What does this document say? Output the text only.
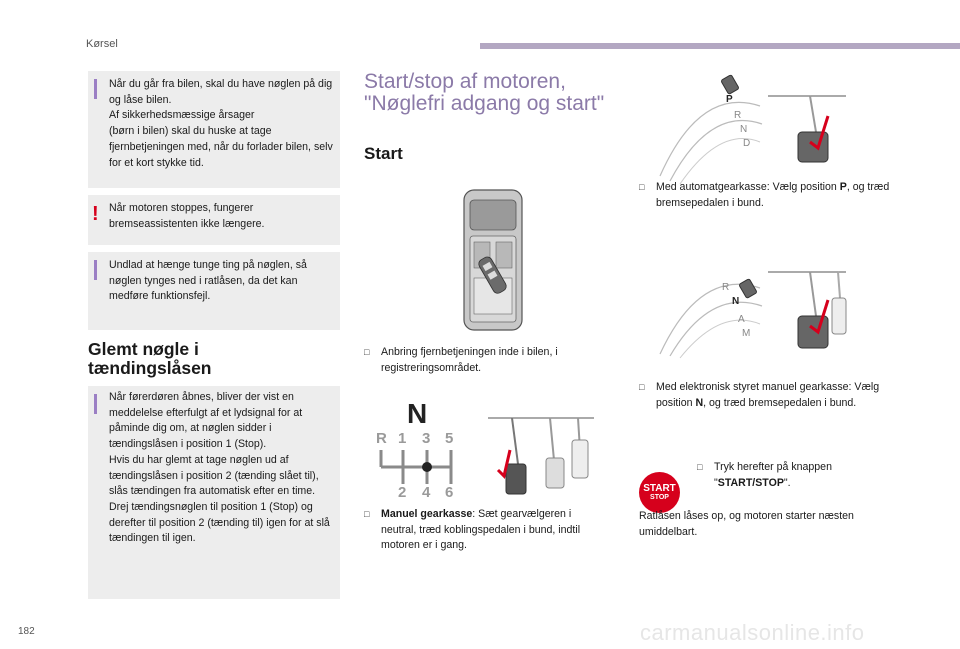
Kørsel
Når du går fra bilen, skal du have nøglen på dig og låse bilen.
Af sikkerhedsmæssige årsager
(børn i bilen) skal du huske at tage fjernbetjeningen med, når du forlader bilen, selv for et kort stykke tid.
! Når motoren stoppes, fungerer bremseassistenten ikke længere.
Undlad at hænge tunge ting på nøglen, så nøglen tynges ned i ratlåsen, da det kan medføre funktionsfejl.
Glemt nøgle i tændingslåsen
Når førerdøren åbnes, bliver der vist en meddelelse efterfulgt af et lydsignal for at påminde dig om, at nøglen sidder i tændingslåsen i position 1 (Stop).
Hvis du har glemt at tage nøglen ud af tændingslåsen i position 2 (tænding slået til), slås tændingen fra automatisk efter en time.
Drej tændingsnøglen til position 1 (Stop) og derefter til position 2 (tænding til) igen for at slå tændingen til igen.
Start/stop af motoren, "Nøglefri adgang og start"
Start
N
R 1 3 5
2 4 6
□	Anbring fjernbetjeningen inde i bilen, i registreringsområdet.
□	Manuel gearkasse: Sæt gearvælgeren i neutral, træd koblingspedalen i bund, indtil motoren er i gang.
P
R
N
D
□	Med automatgearkasse: Vælg position P, og træd bremsepedalen i bund.
R
N
A
M
□	Med elektronisk styret manuel gearkasse: Vælg position N, og træd bremsepedalen i bund.
START
STOP
□	Tryk herefter på knappen "START/STOP".
Ratlåsen låses op, og motoren starter næsten umiddelbart.
182	carmanualsonline.info
